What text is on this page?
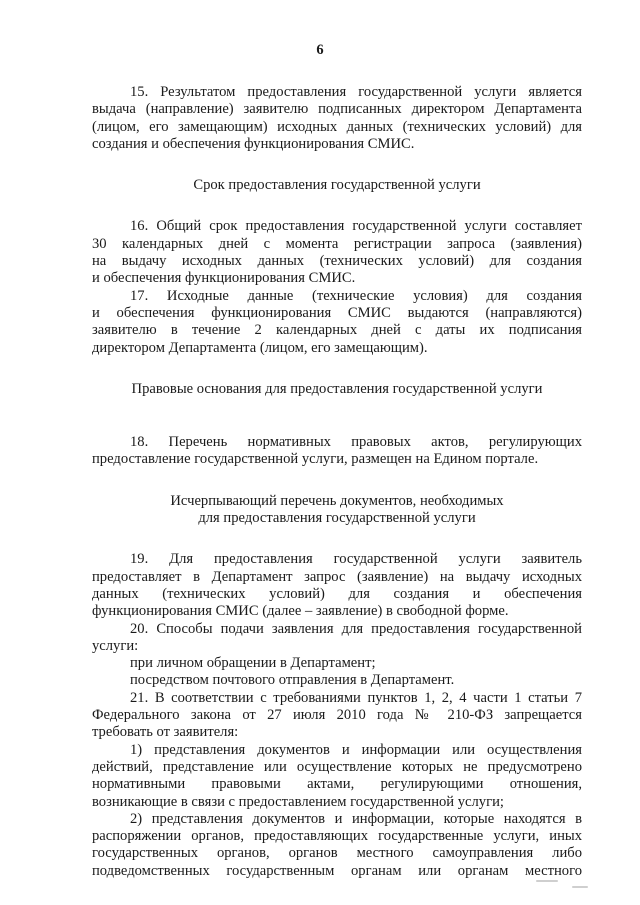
6

15. Результатом предоставления государственной услуги является
выдача (направление) заявителю подписанных директором Департамента
(лицом, его замещающим) исходных данных (технических условий) для
создания и обеспечения функционирования СМИС.

Срок предоставления государственной услуги

16. Общий срок предоставления государственной услуги составляет
30 календарных дней с момента регистрации запроса (заявления)
на выдачу исходных данных (технических условий) для создания
и обеспечения функционирования СМИС.

17. Исходные данные (технические условия) для создания
и обеспечения функционирования СМИС выдаются (направляются)
заявителю в течение 2 календарных дней с даты их подписания
директором Департамента (лицом, его замещающим).

Правовые основания для предоставления государственной услуги

18. Перечень нормативных правовых актов, регулирующих
предоставление государственной услуги, размещен на Едином портале.

Исчерпывающий перечень документов, необходимых

для предоставления государственной услуги

19. Для предоставления государственной услуги заявитель
предоставляет в Департамент запрос (заявление) на выдачу исходных
данных (технических условий) для создания и обеспечения
функционирования СМИС (далее – заявление) в свободной форме.

20. Способы подачи заявления для предоставления государственной
услуги:

при личном обращении в Департамент;

посредством почтового отправления в Департамент.

21. В соответствии с требованиями пунктов 1, 2, 4 части 1 статьи 7
Федерального закона от 27 июля 2010 года № 210-ФЗ запрещается
требовать от заявителя:

1) представления документов и информации или осуществления
действий, представление или осуществление которых не предусмотрено
нормативными правовыми актами, регулирующими отношения,
возникающие в связи с предоставлением государственной услуги;

2) представления документов и информации, которые находятся в
распоряжении органов, предоставляющих государственные услуги, иных
государственных органов, органов местного самоуправления либо
подведомственных государственным органам или органам местного
